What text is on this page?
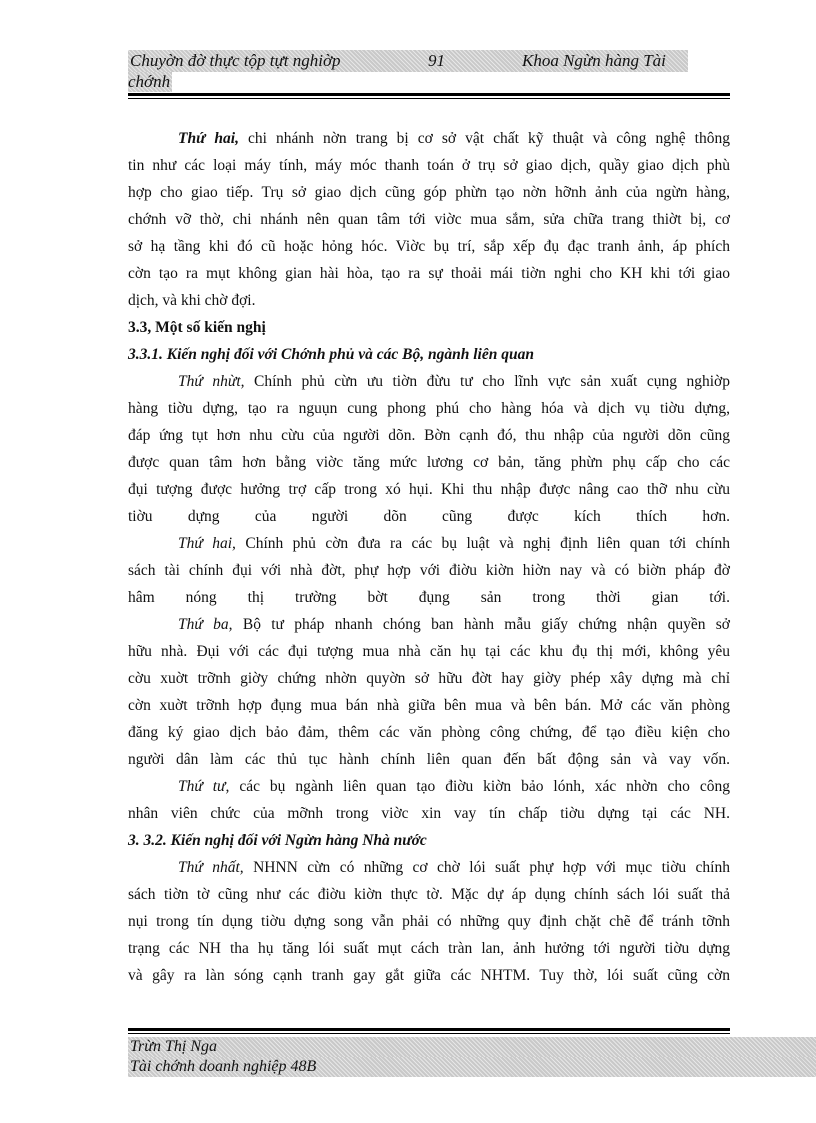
Chuyờn đờ thực tộp tựt nghiờp	91	Khoa Ngừn hàng Tài
chớnh
Thứ hai, chi nhánh nờn trang bị cơ sở vật chất kỹ thuật và công nghệ thông
tin như các loại máy tính, máy móc thanh toán ở trụ sở giao dịch, quầy giao dịch phù
hợp cho giao tiếp. Trụ sở giao dịch cũng góp phừn tạo nờn hỡnh ảnh của ngừn hàng,
chớnh vỡ thờ, chi nhánh nên quan tâm tới viờc mua sắm, sửa chữa trang thiờt bị, cơ
sở hạ tầng khi đó cũ hoặc hỏng hóc. Viờc bụ trí, sắp xếp đụ đạc tranh ảnh, áp phích
cờn tạo ra mụt không gian hài hòa, tạo ra sự thoải mái tiờn nghi cho KH khi tới giao
dịch, và khi chờ đợi.
3.3, Một số kiến nghị
3.3.1. Kiến nghị đối với Chớnh phủ và các Bộ, ngành liên quan
Thứ nhừt, Chính phủ cừn ưu tiờn đừu tư cho lĩnh vực sản xuất cụng nghiờp
hàng tiờu dựng, tạo ra nguụn cung phong phú cho hàng hóa và dịch vụ tiờu dựng,
đáp ứng tụt hơn nhu cừu của người dõn. Bờn cạnh đó, thu nhập của người dõn cũng
được quan tâm hơn bằng viờc tăng mức lương cơ bản, tăng phừn phụ cấp cho các
đụi tượng được hưởng trợ cấp trong xó hụi. Khi thu nhập được nâng cao thỡ nhu cừu
tiờu dựng của người dõn cũng được kích thích hơn.
Thứ hai, Chính phủ cờn đưa ra các bụ luật và nghị định liên quan tới chính
sách tài chính đụi với nhà đờt, phự hợp với điờu kiờn hiờn nay và có biờn pháp đờ
hâm nóng thị trường bờt đụng sản trong thời gian tới.
Thứ ba, Bộ tư pháp nhanh chóng ban hành mẫu giấy chứng nhận quyền sở
hữu nhà. Đụi với các đụi tượng mua nhà căn hụ tại các khu đụ thị mới, không yêu
cờu xuờt trỡnh giờy chứng nhờn quyờn sở hữu đờt hay giờy phép xây dựng mà chỉ
cờn xuờt trỡnh hợp đụng mua bán nhà giữa bên mua và bên bán. Mở các văn phòng
đăng ký giao dịch bảo đảm, thêm các văn phòng công chứng, để tạo điều kiện cho
người dân làm các thủ tục hành chính liên quan đến bất động sản và vay vốn.
Thứ tư, các bụ ngành liên quan tạo điờu kiờn bảo lónh, xác nhờn cho công
nhân viên chức của mỡnh trong viờc xin vay tín chấp tiờu dựng tại các NH.
3. 3.2. Kiến nghị đối với Ngừn hàng Nhà nước
Thứ nhất, NHNN cừn có những cơ chờ lói suất phự hợp với mục tiờu chính
sách tiờn tờ cũng như các điờu kiờn thực tờ. Mặc dự áp dụng chính sách lói suất thả
nụi trong tín dụng tiờu dựng song vẫn phải có những quy định chặt chẽ để tránh tỡnh
trạng các NH tha hụ tăng lói suất mụt cách tràn lan, ảnh hưởng tới người tiờu dựng
và gây ra làn sóng cạnh tranh gay gắt giữa các NHTM. Tuy thờ, lói suất cũng cờn
Trừn Thị Nga
Tài chớnh doanh nghiệp 48B
